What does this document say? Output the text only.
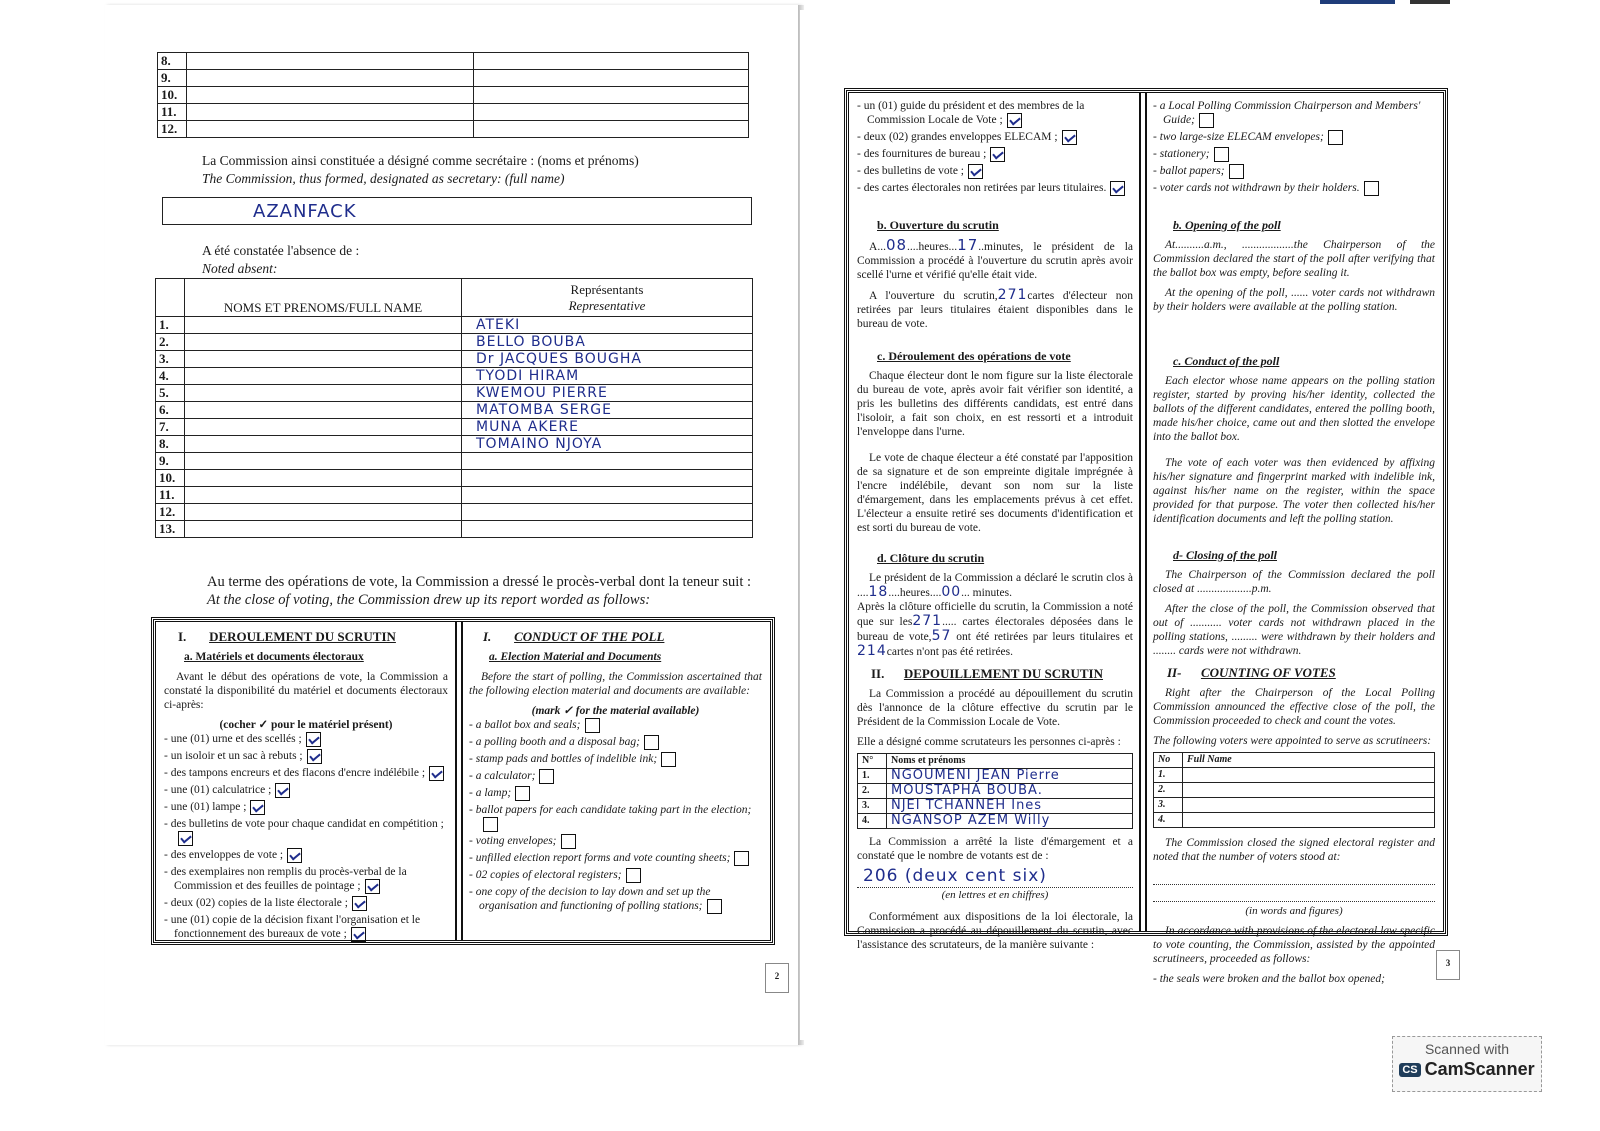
8.		
9.		
10.		
11.		
12.		
La Commission ainsi constituée a désigné comme secrétaire : (noms et prénoms)
The Commission, thus formed, designated as secretary: (full name)
AZANFACK
A été constatée l'absence de :
Noted absent:
	NOMS ET PRENOMS/FULL NAME	Représentants
Representative

1.		ATEKI
2.		BELLO BOUBA
3.		Dr JACQUES BOUGHA
4.		TYODI HIRAM
5.		KWEMOU PIERRE
6.		MATOMBA SERGE
7.		MUNA AKERE
8.		TOMAINO NJOYA
9.		
10.		
11.		
12.		
13.		
Au terme des opérations de vote, la Commission a dressé le procès-verbal dont la teneur suit :
At the close of voting, the Commission drew up its report worded as follows:
I. DEROULEMENT DU SCRUTIN
a. Matériels et documents électoraux

Avant le début des opérations de vote, la Commission a constaté la disponibilité du matériel et documents électoraux ci-après:

(cocher ✓ pour le matériel présent)
- une (01) urne et des scellés ;
- un isoloir et un sac à rebuts ;
- des tampons encreurs et des flacons d'encre indélébile ;
- une (01) calculatrice ;
- une (01) lampe ;
- des bulletins de vote pour chaque candidat en compétition ;
- des enveloppes de vote ;
- des exemplaires non remplis du procès-verbal de la Commission et des feuilles de pointage ;
- deux (02) copies de la liste électorale ;
- une (01) copie de la décision fixant l'organisation et le fonctionnement des bureaux de vote ;
I. CONDUCT OF THE POLL
a. Election Material and Documents

Before the start of polling, the Commission ascertained that the following election material and documents are available:

(mark ✓ for the material available)
- a ballot box and seals;
- a polling booth and a disposal bag;
- stamp pads and bottles of indelible ink;
- a calculator;
- a lamp;
- ballot papers for each candidate taking part in the election;
- voting envelopes;
- unfilled election report forms and vote counting sheets;
- 02 copies of electoral registers;
- one copy of the decision to lay down and set up the organisation and functioning of polling stations;
2
- un (01) guide du président et des membres de la Commission Locale de Vote ;
- deux (02) grandes enveloppes ELECAM ;
- des fournitures de bureau ;
- des bulletins de vote ;
- des cartes électorales non retirées par leurs titulaires.
b. Ouverture du scrutin

A...08....heures...17..minutes, le président de la Commission a procédé à l'ouverture du scrutin après avoir scellé l'urne et vérifié qu'elle était vide.

A l'ouverture du scrutin,271cartes d'électeur non retirées par leurs titulaires étaient disponibles dans le bureau de vote.

c. Déroulement des opérations de vote

Chaque électeur dont le nom figure sur la liste électorale du bureau de vote, après avoir fait vérifier son identité, a pris les bulletins des différents candidats, est entré dans l'isoloir, a fait son choix, en est ressorti et a introduit l'enveloppe dans l'urne.

Le vote de chaque électeur a été constaté par l'apposition de sa signature et de son empreinte digitale imprégnée à l'encre indélébile, devant son nom sur la liste d'émargement, dans les emplacements prévus à cet effet. L'électeur a ensuite retiré ses documents d'identification et est sorti du bureau de vote.

d. Clôture du scrutin

Le président de la Commission a déclaré le scrutin clos à ....18....heures....00... minutes.
Après la clôture officielle du scrutin, la Commission a noté que sur les271..... cartes électorales déposées dans le bureau de vote,57 ont été retirées par leurs titulaires et 214cartes n'ont pas été retirées.

II. DEPOUILLEMENT DU SCRUTIN

La Commission a procédé au dépouillement du scrutin dès l'annonce de la clôture effective du scrutin par le Président de la Commission Locale de Vote.

Elle a désigné comme scrutateurs les personnes ci-après :
N°	Noms et prénoms
1.	NGOUMENI JEAN Pierre
2.	MOUSTAPHA BOUBA.
3.	NJEI TCHANNEH Ines
4.	NGANSOP AZEM Willy

La Commission a arrêté la liste d'émargement et a constaté que le nombre de votants est de :

206 (deux cent six)
(en lettres et en chiffres)

Conformément aux dispositions de la loi électorale, la Commission a procédé au dépouillement du scrutin, avec l'assistance des scrutateurs, de la manière suivante :

- a Local Polling Commission Chairperson and Members' Guide;
- two large-size ELECAM envelopes;
- stationery;
- ballot papers;
- voter cards not withdrawn by their holders.
b. Opening of the poll

At..........a.m., ..................the Chairperson of the Commission declared the start of the poll after verifying that the ballot box was empty, before sealing it.

At the opening of the poll, ...... voter cards not withdrawn by their holders were available at the polling station.

c. Conduct of the poll

Each elector whose name appears on the polling station register, started by proving his/her identity, collected the ballots of the different candidates, entered the polling booth, made his/her choice, came out and then slotted the envelope into the ballot box.

The vote of each voter was then evidenced by affixing his/her signature and fingerprint marked with indelible ink, against his/her name on the register, within the space provided for that purpose. The voter then collected his/her identification documents and left the polling station.

d- Closing of the poll

The Chairperson of the Commission declared the poll closed at ...................p.m.

After the close of the poll, the Commission observed that out of ........... voter cards not withdrawn placed in the polling stations, ......... were withdrawn by their holders and ........ cards were not withdrawn.

II- COUNTING OF VOTES

Right after the Chairperson of the Local Polling Commission announced the effective close of the poll, the Commission proceeded to check and count the votes.

The following voters were appointed to serve as scrutineers:
No	Full Name
1.	
2.	
3.	
4.	

The Commission closed the signed electoral register and noted that the number of voters stood at:

(in words and figures)

In accordance with provisions of the electoral law specific to vote counting, the Commission, assisted by the appointed scrutineers, proceeded as follows:

- the seals were broken and the ballot box opened;
3
Scanned with
CS CamScanner
